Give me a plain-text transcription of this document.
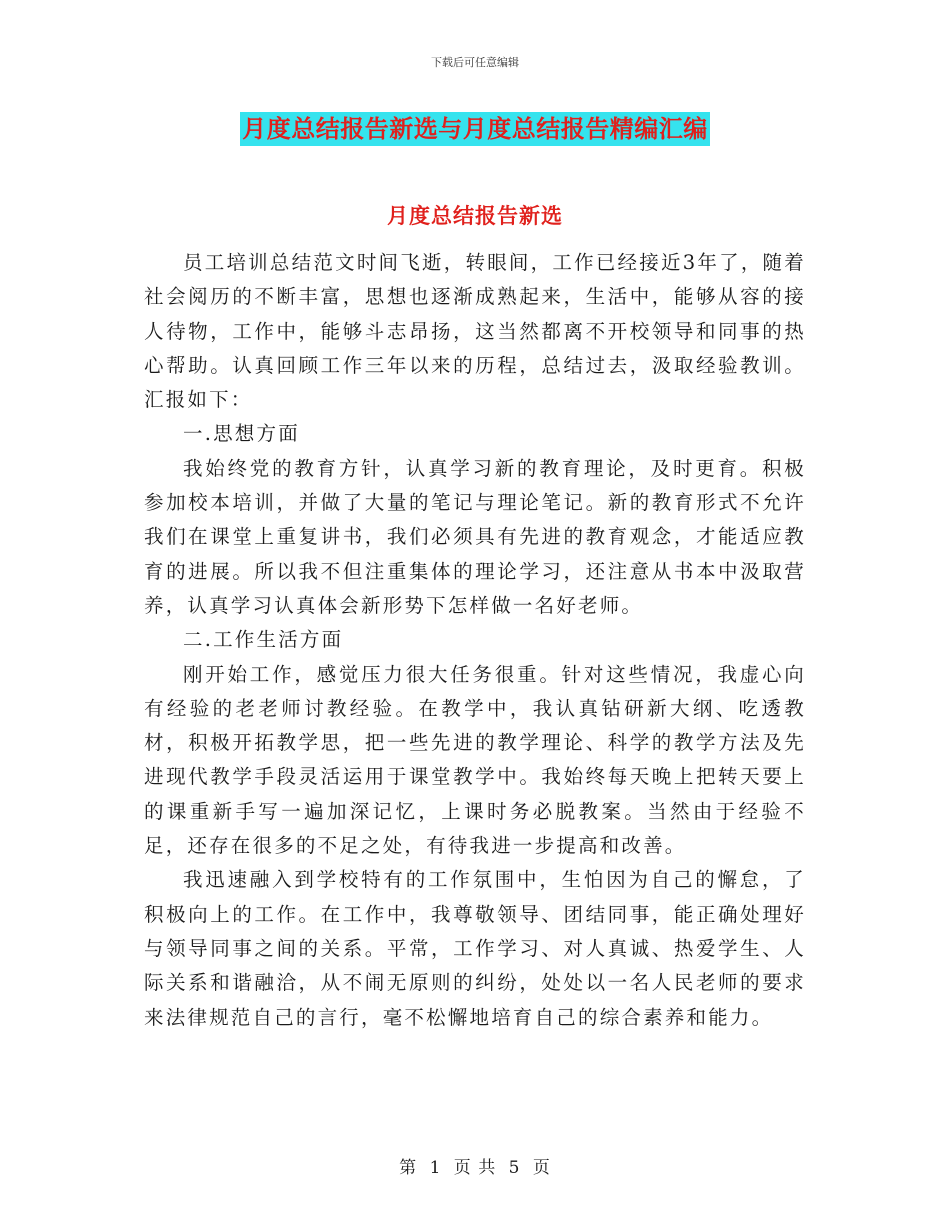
下载后可任意编辑
月度总结报告新选与月度总结报告精编汇编
月度总结报告新选

员工培训总结范文时间飞逝，转眼间，工作已经接近3年了，随着社会阅历的不断丰富，思想也逐渐成熟起来，生活中，能够从容的接人待物，工作中，能够斗志昂扬，这当然都离不开校领导和同事的热心帮助。认真回顾工作三年以来的历程，总结过去，汲取经验教训。汇报如下：

一.思想方面

我始终党的教育方针，认真学习新的教育理论，及时更育。积极参加校本培训，并做了大量的笔记与理论笔记。新的教育形式不允许我们在课堂上重复讲书，我们必须具有先进的教育观念，才能适应教育的进展。所以我不但注重集体的理论学习，还注意从书本中汲取营养，认真学习认真体会新形势下怎样做一名好老师。

二.工作生活方面

刚开始工作，感觉压力很大任务很重。针对这些情况，我虚心向有经验的老老师讨教经验。在教学中，我认真钻研新大纲、吃透教材，积极开拓教学思，把一些先进的教学理论、科学的教学方法及先进现代教学手段灵活运用于课堂教学中。我始终每天晚上把转天要上的课重新手写一遍加深记忆，上课时务必脱教案。当然由于经验不足，还存在很多的不足之处，有待我进一步提高和改善。

我迅速融入到学校特有的工作氛围中，生怕因为自己的懈怠，了积极向上的工作。在工作中，我尊敬领导、团结同事，能正确处理好与领导同事之间的关系。平常，工作学习、对人真诚、热爱学生、人际关系和谐融洽，从不闹无原则的纠纷，处处以一名人民老师的要求来法律规范自己的言行，毫不松懈地培育自己的综合素养和能力。

第 1 页 共 5 页
